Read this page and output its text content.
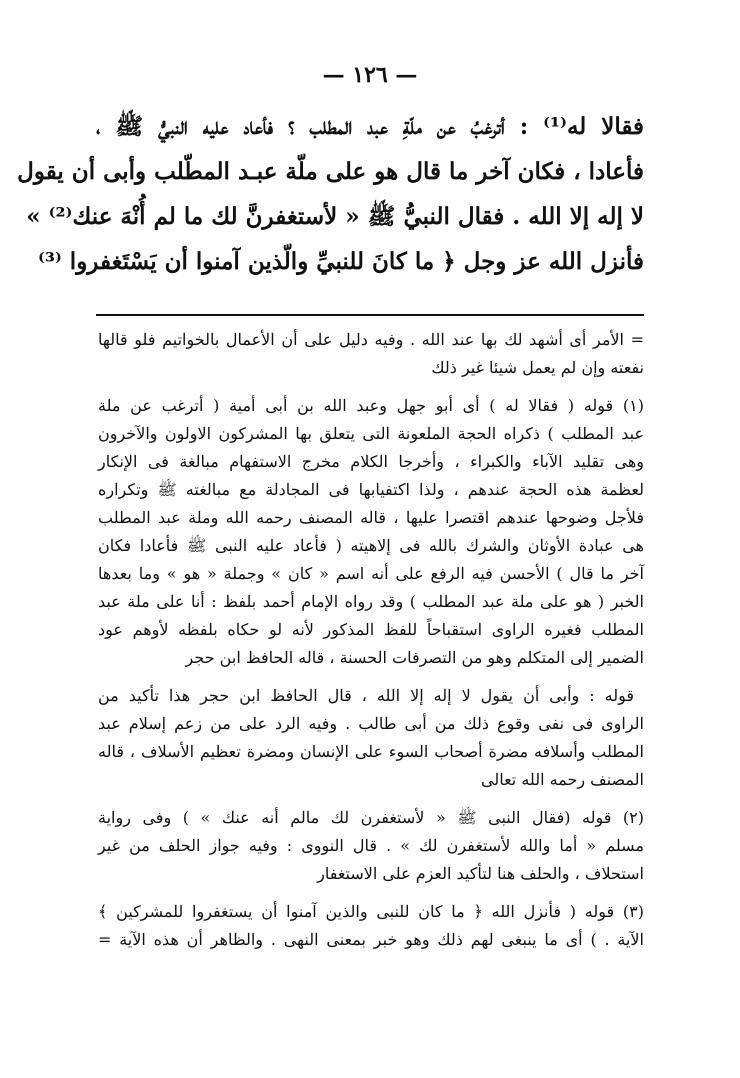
— ١٢٦ —
فقالا له⁽¹⁾ : أترغبُ عن ملّةِ عبد المطلب ؟ فأعاد عليه النبيُّ ﷺ ،
فأعادا ، فكان آخر ما قال هو على ملّة عبـد المطّلب وأبى أن يقول
لا إله إلا الله . فقال النبيُّ ﷺ « لأستغفرنَّ لك ما لم أُنْهَ عنك⁽²⁾ »
فأنزل الله عز وجل ﴿ ما كانَ للنبيِّ والّذين آمنوا أن يَسْتَغفروا ⁽³⁾
= الأمر أى أشهد لك بها عند الله . وفيه دليل على أن الأعمال بالخواتيم فلو قالها
نفعته وإن لم يعمل شيئا غير ذلك
(١) قوله ( فقالا له ) أى أبو جهل وعبد الله بن أبى أمية ( أترغب عن ملة
عبد المطلب ) ذكراه الحجة الملعونة التى يتعلق بها المشركون الاولون والآخرون
وهى تقليد الآباء والكبراء ، وأخرجا الكلام مخرج الاستفهام مبالغة فى الإنكار
لعظمة هذه الحجة عندهم ، ولذا اكتفيابها فى المجادلة مع مبالغته ﷺ وتكراره
فلأجل وضوحها عندهم اقتصرا عليها ، قاله المصنف رحمه الله وملة عبد المطلب
هى عبادة الأوثان والشرك بالله فى إلاهيته ( فأعاد عليه النبى ﷺ فأعادا فكان
آخر ما قال ) الأحسن فيه الرفع على أنه اسم « كان » وجملة « هو » وما بعدها
الخبر ( هو على ملة عبد المطلب ) وقد رواه الإمام أحمد بلفظ : أنا على ملة عبد
المطلب فغيره الراوى استقباحاً للفظ المذكور لأنه لو حكاه بلفظه لأوهم عود
الضمير إلى المتكلم وهو من التصرفات الحسنة ، قاله الحافظ ابن حجر
قوله : وأبى أن يقول لا إله إلا الله ، قال الحافظ ابن حجر هذا تأكيد من
الراوى فى نفى وقوع ذلك من أبى طالب . وفيه الرد على من زعم إسلام عبد
المطلب وأسلافه مضرة أصحاب السوء على الإنسان ومضرة تعظيم الأسلاف ، قاله
المصنف رحمه الله تعالى
(٢) قوله (فقال النبى ﷺ « لأستغفرن لك مالم أنه عنك » ) وفى رواية
مسلم « أما والله لأستغفرن لك » . قال النووى : وفيه جواز الحلف من غير
استحلاف ، والحلف هنا لتأكيد العزم على الاستغفار
(٣) قوله ( فأنزل الله ﴿ ما كان للنبى والذين آمنوا أن يستغفروا للمشركين ﴾
الآية . ) أى ما ينبغى لهم ذلك وهو خبر بمعنى النهى . والظاهر أن هذه الآية =
